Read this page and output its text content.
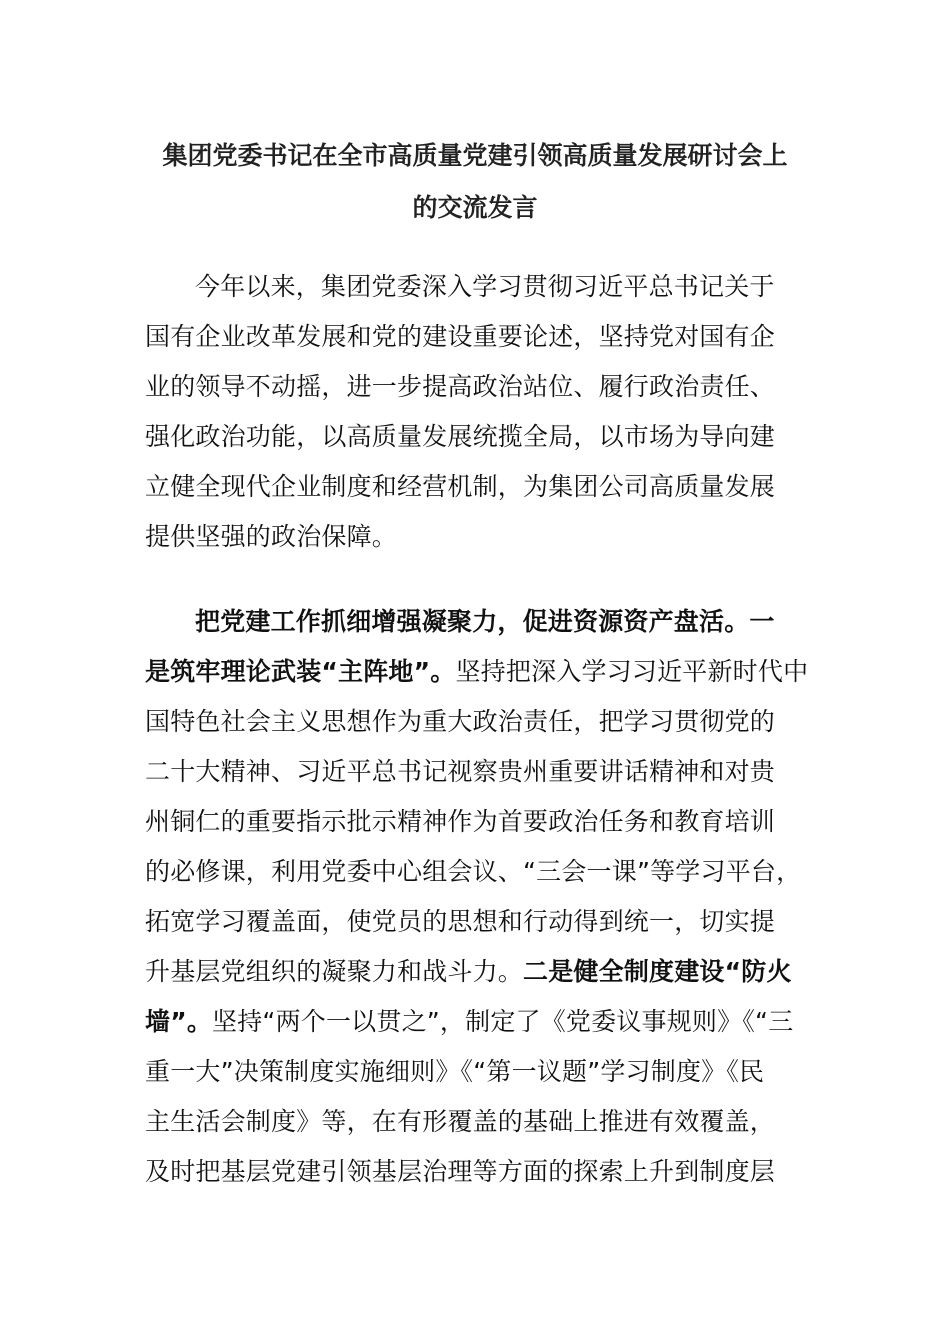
集团党委书记在全市高质量党建引领高质量发展研讨会上
的交流发言
今年以来，集团党委深入学习贯彻习近平总书记关于
国有企业改革发展和党的建设重要论述，坚持党对国有企
业的领导不动摇，进一步提高政治站位、履行政治责任、
强化政治功能，以高质量发展统揽全局，以市场为导向建
立健全现代企业制度和经营机制，为集团公司高质量发展
提供坚强的政治保障。
把党建工作抓细增强凝聚力，促进资源资产盘活。一
是筑牢理论武装“主阵地”。坚持把深入学习习近平新时代中
国特色社会主义思想作为重大政治责任，把学习贯彻党的
二十大精神、习近平总书记视察贵州重要讲话精神和对贵
州铜仁的重要指示批示精神作为首要政治任务和教育培训
的必修课，利用党委中心组会议、“三会一课”等学习平台，
拓宽学习覆盖面，使党员的思想和行动得到统一，切实提
升基层党组织的凝聚力和战斗力。二是健全制度建设“防火
墙”。坚持“两个一以贯之”，制定了《党委议事规则》《“三
重一大”决策制度实施细则》《“第一议题”学习制度》《民
主生活会制度》等，在有形覆盖的基础上推进有效覆盖，
及时把基层党建引领基层治理等方面的探索上升到制度层
